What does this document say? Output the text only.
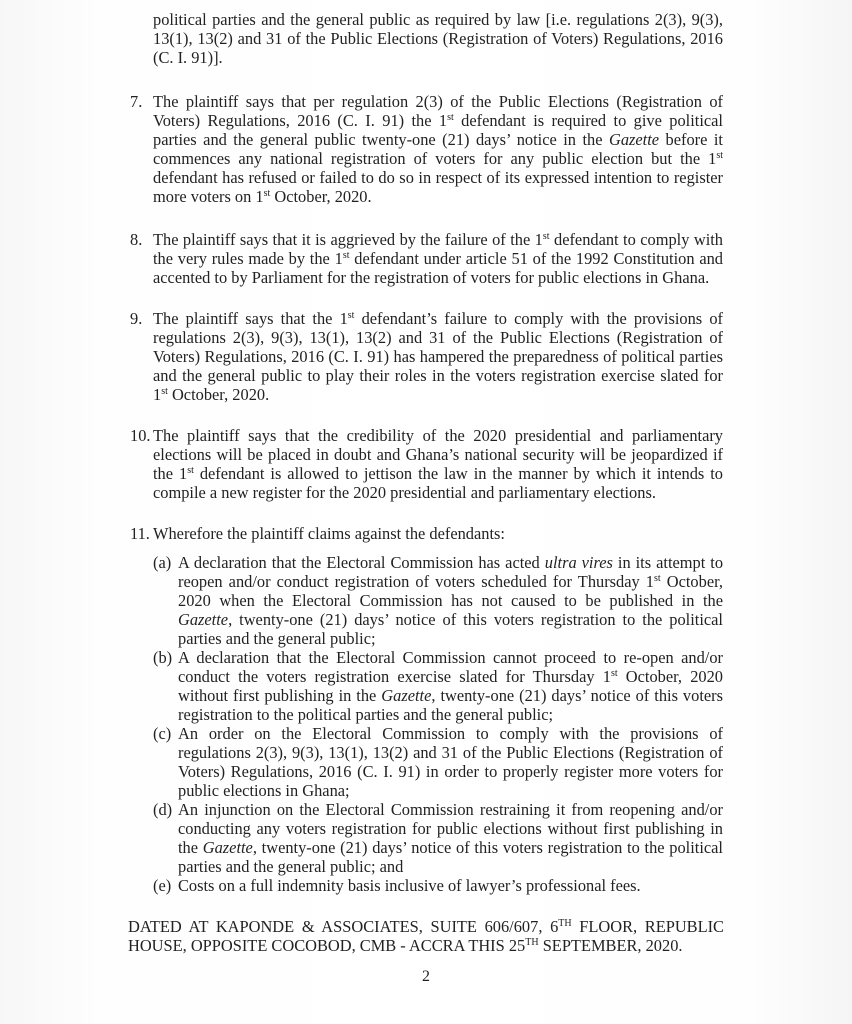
political parties and the general public as required by law [i.e. regulations 2(3), 9(3), 13(1), 13(2) and 31 of the Public Elections (Registration of Voters) Regulations, 2016 (C. I. 91)].
7. The plaintiff says that per regulation 2(3) of the Public Elections (Registration of Voters) Regulations, 2016 (C. I. 91) the 1st defendant is required to give political parties and the general public twenty-one (21) days’ notice in the Gazette before it commences any national registration of voters for any public election but the 1st defendant has refused or failed to do so in respect of its expressed intention to register more voters on 1st October, 2020.
8. The plaintiff says that it is aggrieved by the failure of the 1st defendant to comply with the very rules made by the 1st defendant under article 51 of the 1992 Constitution and accented to by Parliament for the registration of voters for public elections in Ghana.
9. The plaintiff says that the 1st defendant’s failure to comply with the provisions of regulations 2(3), 9(3), 13(1), 13(2) and 31 of the Public Elections (Registration of Voters) Regulations, 2016 (C. I. 91) has hampered the preparedness of political parties and the general public to play their roles in the voters registration exercise slated for 1st October, 2020.
10. The plaintiff says that the credibility of the 2020 presidential and parliamentary elections will be placed in doubt and Ghana’s national security will be jeopardized if the 1st defendant is allowed to jettison the law in the manner by which it intends to compile a new register for the 2020 presidential and parliamentary elections.
11. Wherefore the plaintiff claims against the defendants:
(a) A declaration that the Electoral Commission has acted ultra vires in its attempt to reopen and/or conduct registration of voters scheduled for Thursday 1st October, 2020 when the Electoral Commission has not caused to be published in the Gazette, twenty-one (21) days’ notice of this voters registration to the political parties and the general public;
(b) A declaration that the Electoral Commission cannot proceed to re-open and/or conduct the voters registration exercise slated for Thursday 1st October, 2020 without first publishing in the Gazette, twenty-one (21) days’ notice of this voters registration to the political parties and the general public;
(c) An order on the Electoral Commission to comply with the provisions of regulations 2(3), 9(3), 13(1), 13(2) and 31 of the Public Elections (Registration of Voters) Regulations, 2016 (C. I. 91) in order to properly register more voters for public elections in Ghana;
(d) An injunction on the Electoral Commission restraining it from reopening and/or conducting any voters registration for public elections without first publishing in the Gazette, twenty-one (21) days’ notice of this voters registration to the political parties and the general public; and
(e) Costs on a full indemnity basis inclusive of lawyer’s professional fees.
DATED AT KAPONDE & ASSOCIATES, SUITE 606/607, 6TH FLOOR, REPUBLIC HOUSE, OPPOSITE COCOBOD, CMB - ACCRA THIS 25TH SEPTEMBER, 2020.
2
